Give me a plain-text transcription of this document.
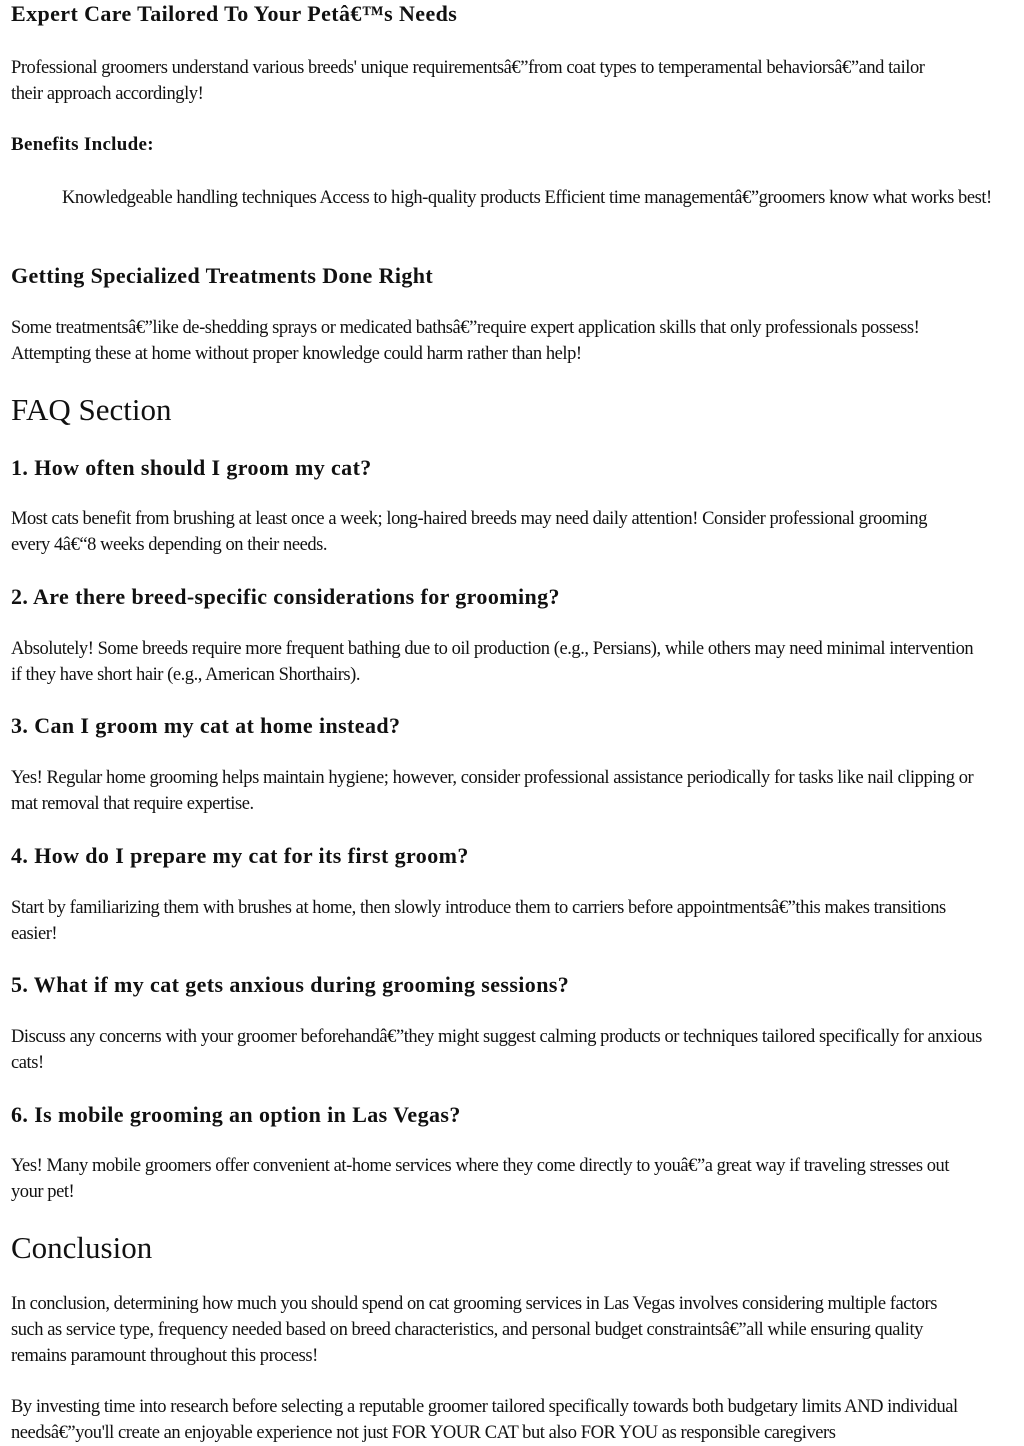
Expert Care Tailored To Your Petâ€™s Needs

Professional groomers understand various breeds' unique requirementsâ€”from coat types to temperamental behaviorsâ€”and tailor their approach accordingly!

Benefits Include:

Knowledgeable handling techniques Access to high-quality products Efficient time managementâ€”groomers know what works best!

Getting Specialized Treatments Done Right

Some treatmentsâ€”like de-shedding sprays or medicated bathsâ€”require expert application skills that only professionals possess! Attempting these at home without proper knowledge could harm rather than help!

FAQ Section
1. How often should I groom my cat?

Most cats benefit from brushing at least once a week; long-haired breeds may need daily attention! Consider professional grooming every 4â€“8 weeks depending on their needs.

2. Are there breed-specific considerations for grooming?

Absolutely! Some breeds require more frequent bathing due to oil production (e.g., Persians), while others may need minimal intervention if they have short hair (e.g., American Shorthairs).

3. Can I groom my cat at home instead?

Yes! Regular home grooming helps maintain hygiene; however, consider professional assistance periodically for tasks like nail clipping or mat removal that require expertise.

4. How do I prepare my cat for its first groom?

Start by familiarizing them with brushes at home, then slowly introduce them to carriers before appointmentsâ€”this makes transitions easier!

5. What if my cat gets anxious during grooming sessions?

Discuss any concerns with your groomer beforehandâ€”they might suggest calming products or techniques tailored specifically for anxious cats!

6. Is mobile grooming an option in Las Vegas?

Yes! Many mobile groomers offer convenient at-home services where they come directly to youâ€”a great way if traveling stresses out your pet!

Conclusion

In conclusion, determining how much you should spend on cat grooming services in Las Vegas involves considering multiple factors such as service type, frequency needed based on breed characteristics, and personal budget constraintsâ€”all while ensuring quality remains paramount throughout this process!

By investing time into research before selecting a reputable groomer tailored specifically towards both budgetary limits AND individual needsâ€”you'll create an enjoyable experience not just FOR YOUR CAT but also FOR YOU as responsible caregivers
